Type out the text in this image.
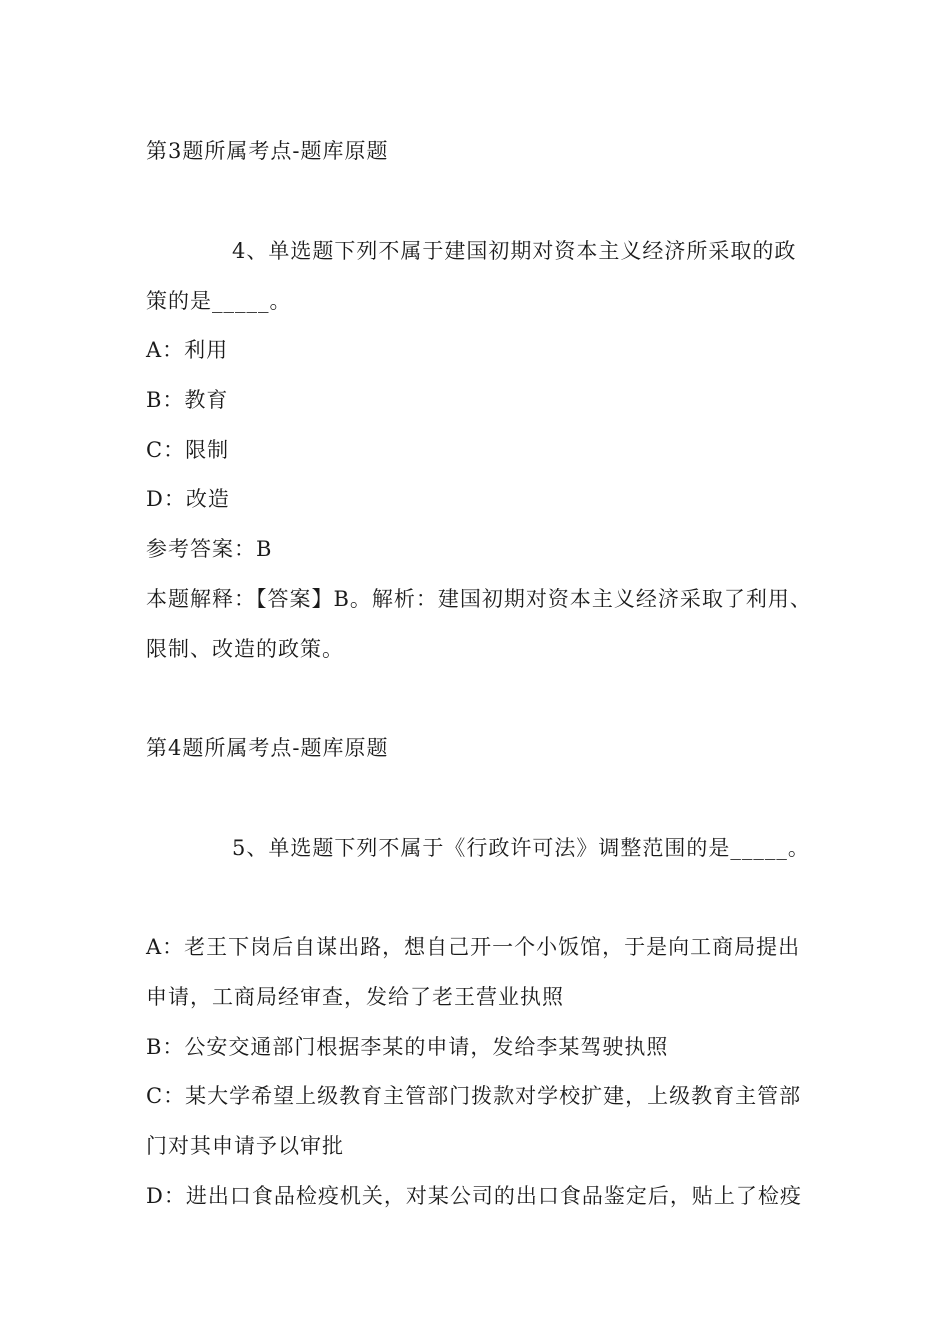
第3题所属考点-题库原题
4、单选题下列不属于建国初期对资本主义经济所采取的政
策的是_____。
A：利用
B：教育
C：限制
D：改造
参考答案：B
本题解释：【答案】B。解析：建国初期对资本主义经济采取了利用、
限制、改造的政策。
第4题所属考点-题库原题
5、单选题下列不属于《行政许可法》调整范围的是_____。
A：老王下岗后自谋出路，想自己开一个小饭馆，于是向工商局提出
申请，工商局经审查，发给了老王营业执照
B：公安交通部门根据李某的申请，发给李某驾驶执照
C：某大学希望上级教育主管部门拨款对学校扩建，上级教育主管部
门对其申请予以审批
D：进出口食品检疫机关，对某公司的出口食品鉴定后，贴上了检疫
